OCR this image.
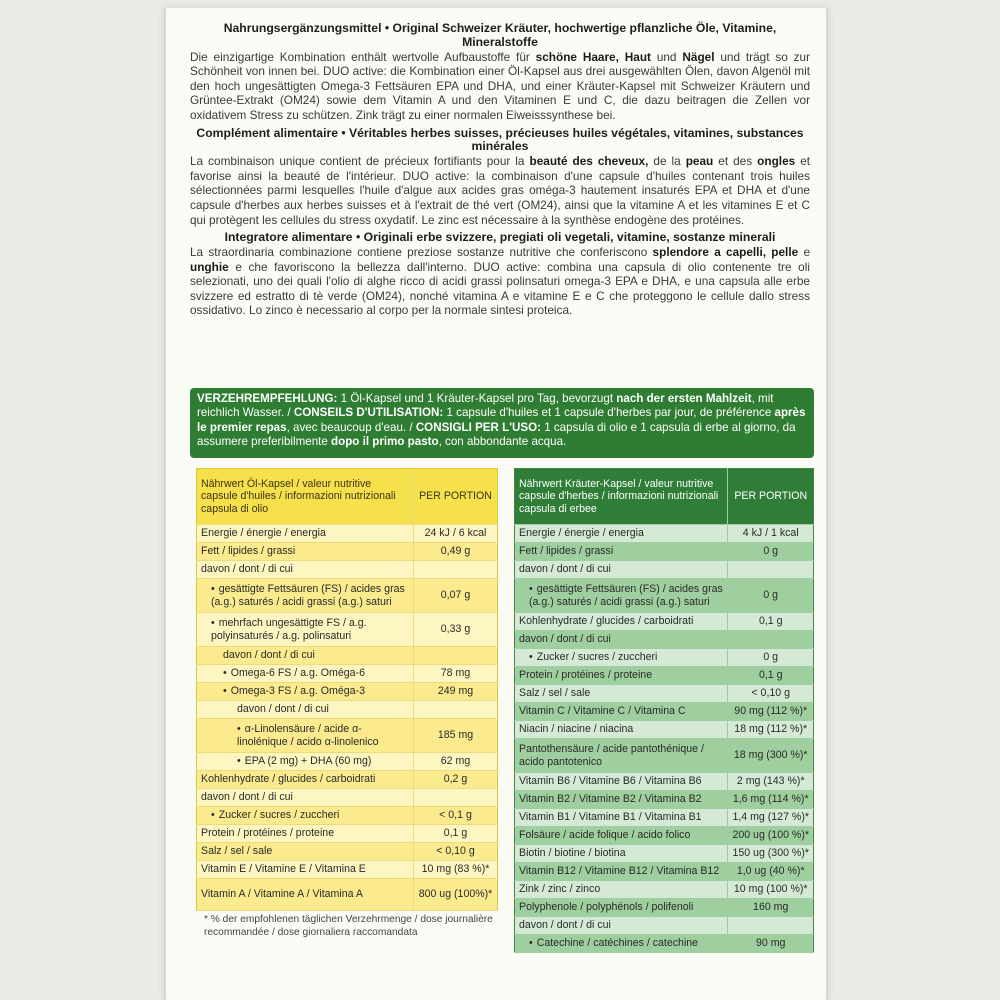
Nahrungsergänzungsmittel • Original Schweizer Kräuter, hochwertige pflanzliche Öle, Vitamine, Mineralstoffe

Die einzigartige Kombination enthält wertvolle Aufbaustoffe für schöne Haare, Haut und Nägel und trägt so zur Schönheit von innen bei. DUO active: die Kombination einer Öl-Kapsel aus drei ausgewählten Ölen, davon Algenöl mit den hoch ungesättigten Omega-3 Fettsäuren EPA und DHA, und einer Kräuter-Kapsel mit Schweizer Kräutern und Grüntee-Extrakt (OM24) sowie dem Vitamin A und den Vitaminen E und C, die dazu beitragen die Zellen vor oxidativem Stress zu schützen. Zink trägt zu einer normalen Eiweisssynthese bei.

Complément alimentaire • Véritables herbes suisses, précieuses huiles végétales, vitamines, substances minérales

La combinaison unique contient de précieux fortifiants pour la beauté des cheveux, de la peau et des ongles et favorise ainsi la beauté de l'intérieur. DUO active: la combinaison d'une capsule d'huiles contenant trois huiles sélectionnées parmi lesquelles l'huile d'algue aux acides gras oméga-3 hautement insaturés EPA et DHA et d'une capsule d'herbes aux herbes suisses et à l'extrait de thé vert (OM24), ainsi que la vitamine A et les vitamines E et C qui protègent les cellules du stress oxydatif. Le zinc est nécessaire à la synthèse endogène des protéines.

Integratore alimentare • Originali erbe svizzere, pregiati oli vegetali, vitamine, sostanze minerali

La straordinaria combinazione contiene preziose sostanze nutritive che conferiscono splendore a capelli, pelle e unghie e che favoriscono la bellezza dall'interno. DUO active: combina una capsula di olio contenente tre oli selezionati, uno dei quali l'olio di alghe ricco di acidi grassi polinsaturi omega-3 EPA e DHA, e una capsula alle erbe svizzere ed estratto di tè verde (OM24), nonché vitamina A e vitamine E e C che proteggono le cellule dallo stress ossidativo. Lo zinco è necessario al corpo per la normale sintesi proteica.

VERZEHREMPFEHLUNG: 1 Öl-Kapsel und 1 Kräuter-Kapsel pro Tag, bevorzugt nach der ersten Mahlzeit, mit reichlich Wasser. / CONSEILS D'UTILISATION: 1 capsule d'huiles et 1 capsule d'herbes par jour, de préférence après le premier repas, avec beaucoup d'eau. / CONSIGLI PER L'USO: 1 capsula di olio e 1 capsula di erbe al giorno, da assumere preferibilmente dopo il primo pasto, con abbondante acqua.
Nährwert Öl-Kapsel / valeur nutritive capsule d'huiles / informazioni nutrizionali capsula di olio	PER PORTION
Energie / énergie / energia	24 kJ / 6 kcal
Fett / lipides / grassi	0,49 g
davon / dont / di cui	
• gesättigte Fettsäuren (FS) / acides gras (a.g.) saturés / acidi grassi (a.g.) saturi	0,07 g
• mehrfach ungesättigte FS / a.g. polyinsaturés / a.g. polinsaturi	0,33 g
davon / dont / di cui	
• Omega-6 FS / a.g. Oméga-6	78 mg
• Omega-3 FS / a.g. Oméga-3	249 mg
davon / dont / di cui	
• α-Linolensäure / acide α-linolénique / acido α-linolenico	185 mg
• EPA (2 mg) + DHA (60 mg)	62 mg
Kohlenhydrate / glucides / carboidrati	0,2 g
davon / dont / di cui	
• Zucker / sucres / zuccheri	< 0,1 g
Protein / protéines / proteine	0,1 g
Salz / sel / sale	< 0,10 g
Vitamin E / Vitamine E / Vitamina E	10 mg (83 %)*
Vitamin A / Vitamine A / Vitamina A	800 ug (100%)*
* % der empfohlenen täglichen Verzehrmenge / dose journalière recommandée / dose giornaliera raccomandata
Nährwert Kräuter-Kapsel / valeur nutritive capsule d'herbes / informazioni nutrizionali capsula di erbee	PER PORTION
Energie / énergie / energia	4 kJ / 1 kcal
Fett / lipides / grassi	0 g
davon / dont / di cui	
• gesättigte Fettsäuren (FS) / acides gras (a.g.) saturés / acidi grassi (a.g.) saturi	0 g
Kohlenhydrate / glucides / carboidrati	0,1 g
davon / dont / di cui	
• Zucker / sucres / zuccheri	0 g
Protein / protéines / proteine	0,1 g
Salz / sel / sale	< 0,10 g
Vitamin C / Vitamine C / Vitamina C	90 mg (112 %)*
Niacin / niacine / niacina	18 mg (112 %)*
Pantothensäure / acide pantothénique / acido pantotenico	18 mg (300 %)*
Vitamin B6 / Vitamine B6 / Vitamina B6	2 mg (143 %)*
Vitamin B2 / Vitamine B2 / Vitamina B2	1,6 mg (114 %)*
Vitamin B1 / Vitamine B1 / Vitamina B1	1,4 mg (127 %)*
Folsäure / acide folique / acido folico	200 ug (100 %)*
Biotin / biotine / biotina	150 ug (300 %)*
Vitamin B12 / Vitamine B12 / Vitamina B12	1,0 ug (40 %)*
Zink / zinc / zinco	10 mg (100 %)*
Polyphenole / polyphénols / polifenoli	160 mg
davon / dont / di cui	
• Catechine / catéchines / catechine	90 mg
